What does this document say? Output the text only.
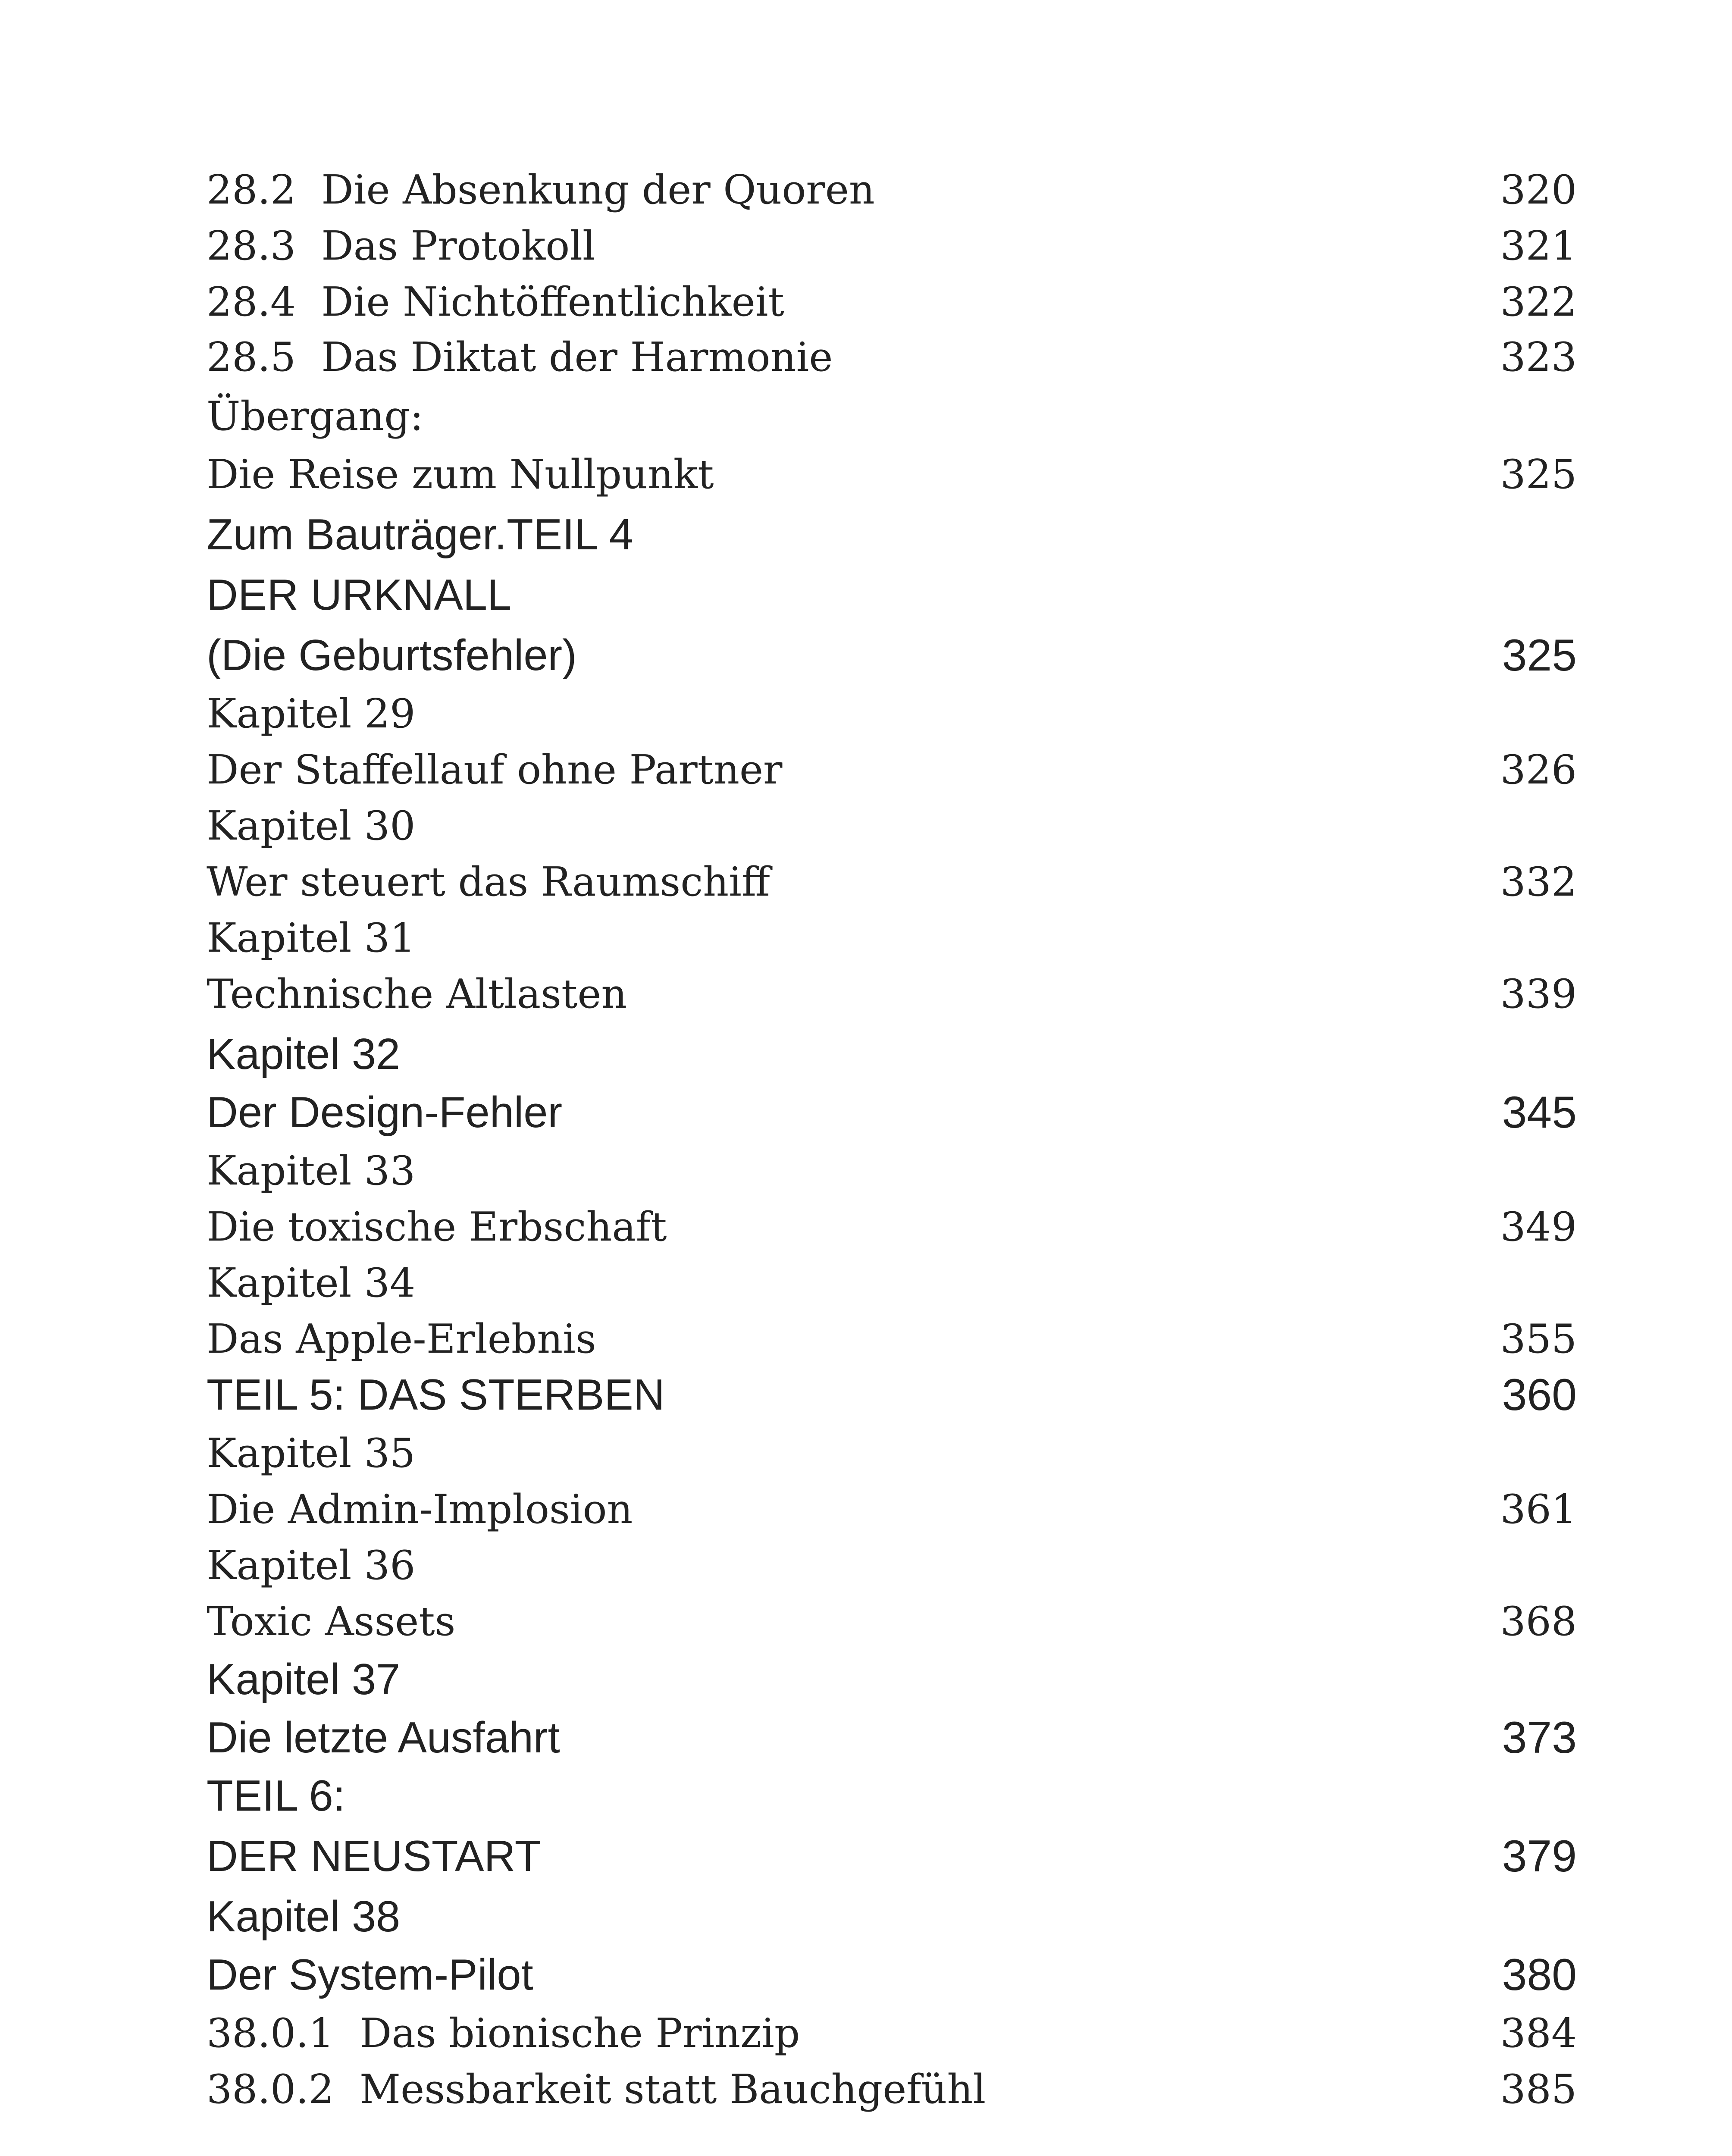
28.2  Die Absenkung der Quoren	320
28.3  Das Protokoll	321
28.4  Die Nichtöffentlichkeit	322
28.5  Das Diktat der Harmonie	323
Übergang:
Die Reise zum Nullpunkt	325
Zum Bauträger.TEIL 4
DER URKNALL
(Die Geburtsfehler)	325
Kapitel 29
Der Staffellauf ohne Partner	326
Kapitel 30
Wer steuert das Raumschiff	332
Kapitel 31
Technische Altlasten	339
Kapitel 32
Der Design-Fehler	345
Kapitel 33
Die toxische Erbschaft	349
Kapitel 34
Das Apple-Erlebnis	355
TEIL 5: DAS STERBEN	360
Kapitel 35
Die Admin-Implosion	361
Kapitel 36
Toxic Assets	368
Kapitel 37
Die letzte Ausfahrt	373
TEIL 6:
DER NEUSTART	379
Kapitel 38
Der System-Pilot	380
38.0.1  Das bionische Prinzip	384
38.0.2  Messbarkeit statt Bauchgefühl	385
